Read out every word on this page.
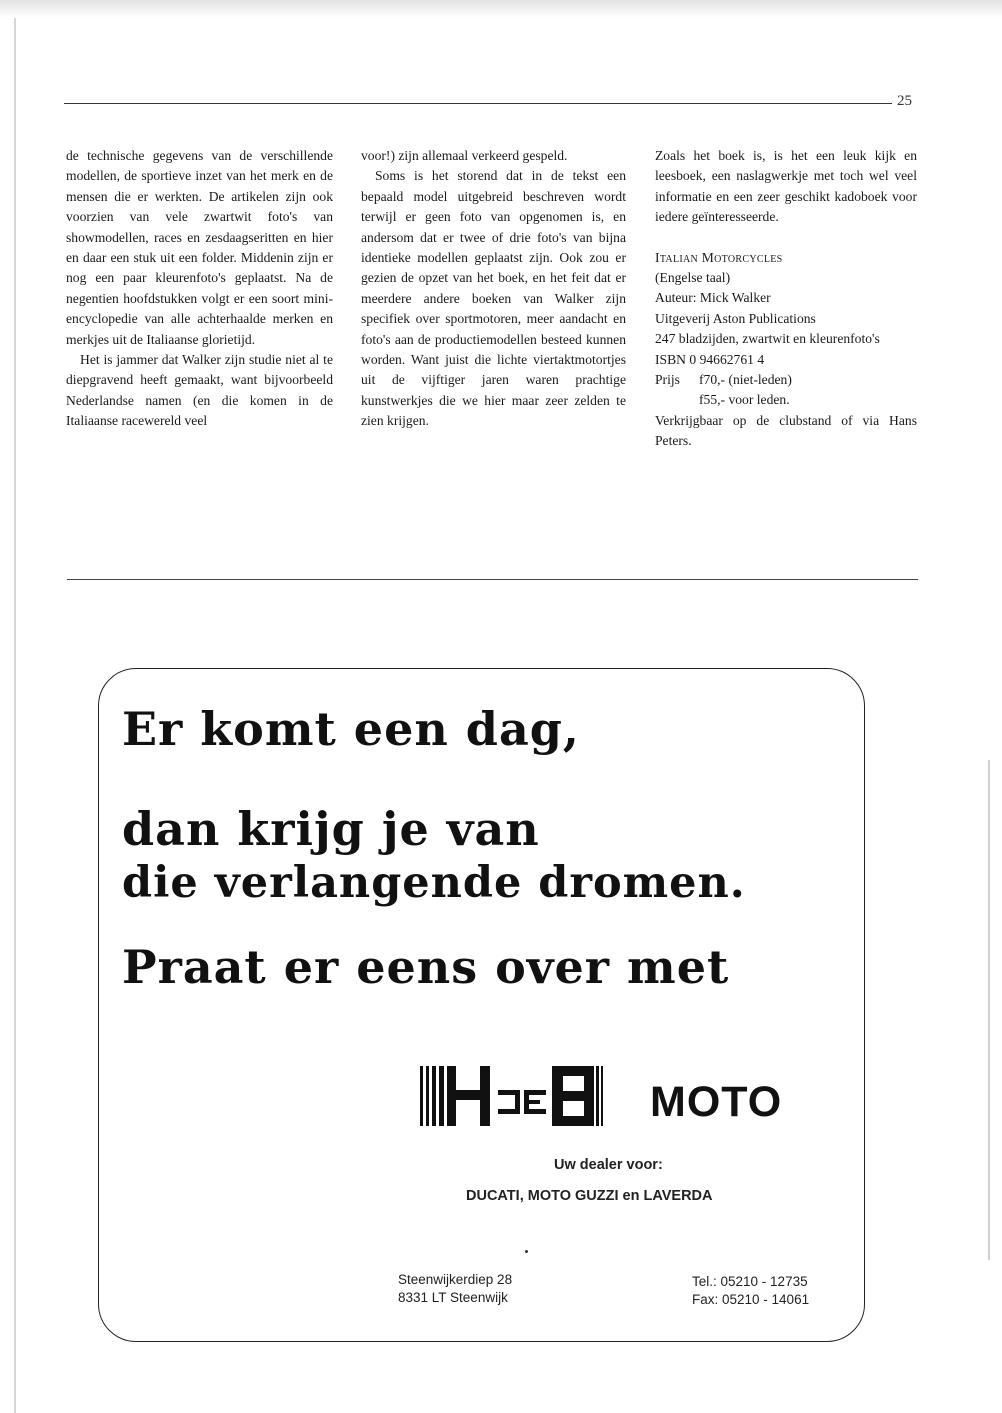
25

de technische gegevens van de verschillende modellen, de sportieve inzet van het merk en de mensen die er werkten. De artikelen zijn ook voorzien van vele zwartwit foto's van showmodellen, races en zesdaagseritten en hier en daar een stuk uit een folder. Middenin zijn er nog een paar kleurenfoto's geplaatst. Na de negentien hoofdstukken volgt er een soort mini-encyclopedie van alle achterhaalde merken en merkjes uit de Italiaanse glorietijd.

Het is jammer dat Walker zijn studie niet al te diepgravend heeft gemaakt, want bijvoorbeeld Nederlandse namen (en die komen in de Italiaanse racewereld veel

voor!) zijn allemaal verkeerd gespeld.

Soms is het storend dat in de tekst een bepaald model uitgebreid beschreven wordt terwijl er geen foto van opgenomen is, en andersom dat er twee of drie foto's van bijna identieke modellen geplaatst zijn. Ook zou er gezien de opzet van het boek, en het feit dat er meerdere andere boeken van Walker zijn specifiek over sportmotoren, meer aandacht en foto's aan de productiemodellen besteed kunnen worden. Want juist die lichte viertaktmotortjes uit de vijftiger jaren waren prachtige kunstwerkjes die we hier maar zeer zelden te zien krijgen.

Zoals het boek is, is het een leuk kijk en leesboek, een naslagwerkje met toch wel veel informatie en een zeer geschikt kadoboek voor iedere geïnteresseerde.

Italian Motorcycles
(Engelse taal)
Auteur: Mick Walker
Uitgeverij Aston Publications
247 bladzijden, zwartwit en kleurenfoto's
ISBN 0 94662761 4
Prijs f70,- (niet-leden)
f55,- voor leden.
Verkrijgbaar op de clubstand of via Hans Peters.
Er komt een dag,
dan krijg je van
die verlangende dromen.
Praat er eens over met
MOTO
Uw dealer voor:
DUCATI, MOTO GUZZI en LAVERDA
Steenwijkerdiep 28
8331 LT Steenwijk
Tel.: 05210 - 12735
Fax: 05210 - 14061
